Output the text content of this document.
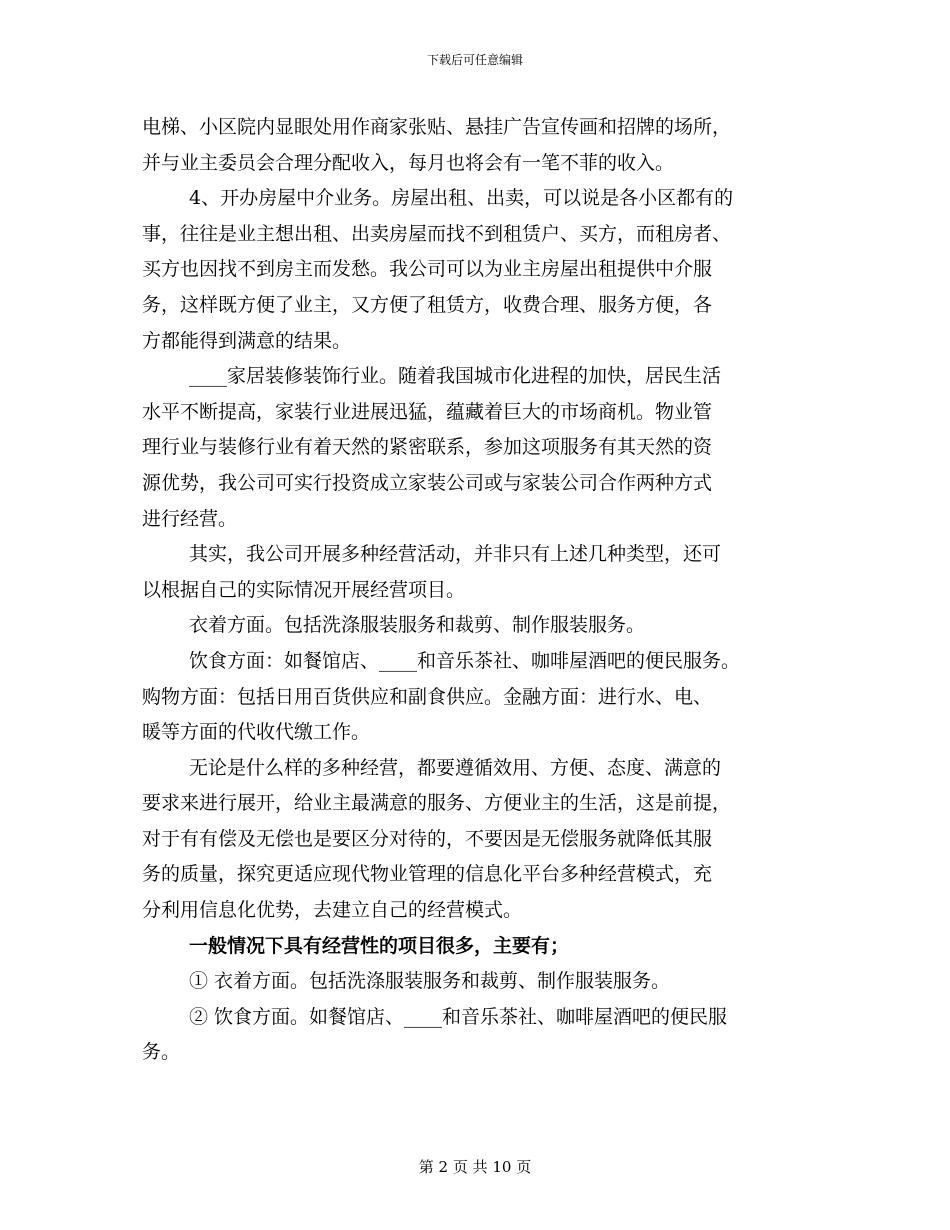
下载后可任意编辑
电梯、小区院内显眼处用作商家张贴、悬挂广告宣传画和招牌的场所，
并与业主委员会合理分配收入，每月也将会有一笔不菲的收入。
4、开办房屋中介业务。房屋出租、出卖，可以说是各小区都有的
事，往往是业主想出租、出卖房屋而找不到租赁户、买方，而租房者、
买方也因找不到房主而发愁。我公司可以为业主房屋出租提供中介服
务，这样既方便了业主，又方便了租赁方，收费合理、服务方便，各
方都能得到满意的结果。
____家居装修装饰行业。随着我国城市化进程的加快，居民生活
水平不断提高，家装行业进展迅猛，蕴藏着巨大的市场商机。物业管
理行业与装修行业有着天然的紧密联系，参加这项服务有其天然的资
源优势，我公司可实行投资成立家装公司或与家装公司合作两种方式
进行经营。
其实，我公司开展多种经营活动，并非只有上述几种类型，还可
以根据自己的实际情况开展经营项目。
衣着方面。包括洗涤服装服务和裁剪、制作服装服务。
饮食方面：如餐馆店、____和音乐茶社、咖啡屋酒吧的便民服务。
购物方面：包括日用百货供应和副食供应。金融方面：进行水、电、
暖等方面的代收代缴工作。
无论是什么样的多种经营，都要遵循效用、方便、态度、满意的
要求来进行展开，给业主最满意的服务、方便业主的生活，这是前提，
对于有有偿及无偿也是要区分对待的，不要因是无偿服务就降低其服
务的质量，探究更适应现代物业管理的信息化平台多种经营模式，充
分利用信息化优势，去建立自己的经营模式。
一般情况下具有经营性的项目很多，主要有；
① 衣着方面。包括洗涤服装服务和裁剪、制作服装服务。
② 饮食方面。如餐馆店、____和音乐茶社、咖啡屋酒吧的便民服
务。
第 2 页 共 10 页
